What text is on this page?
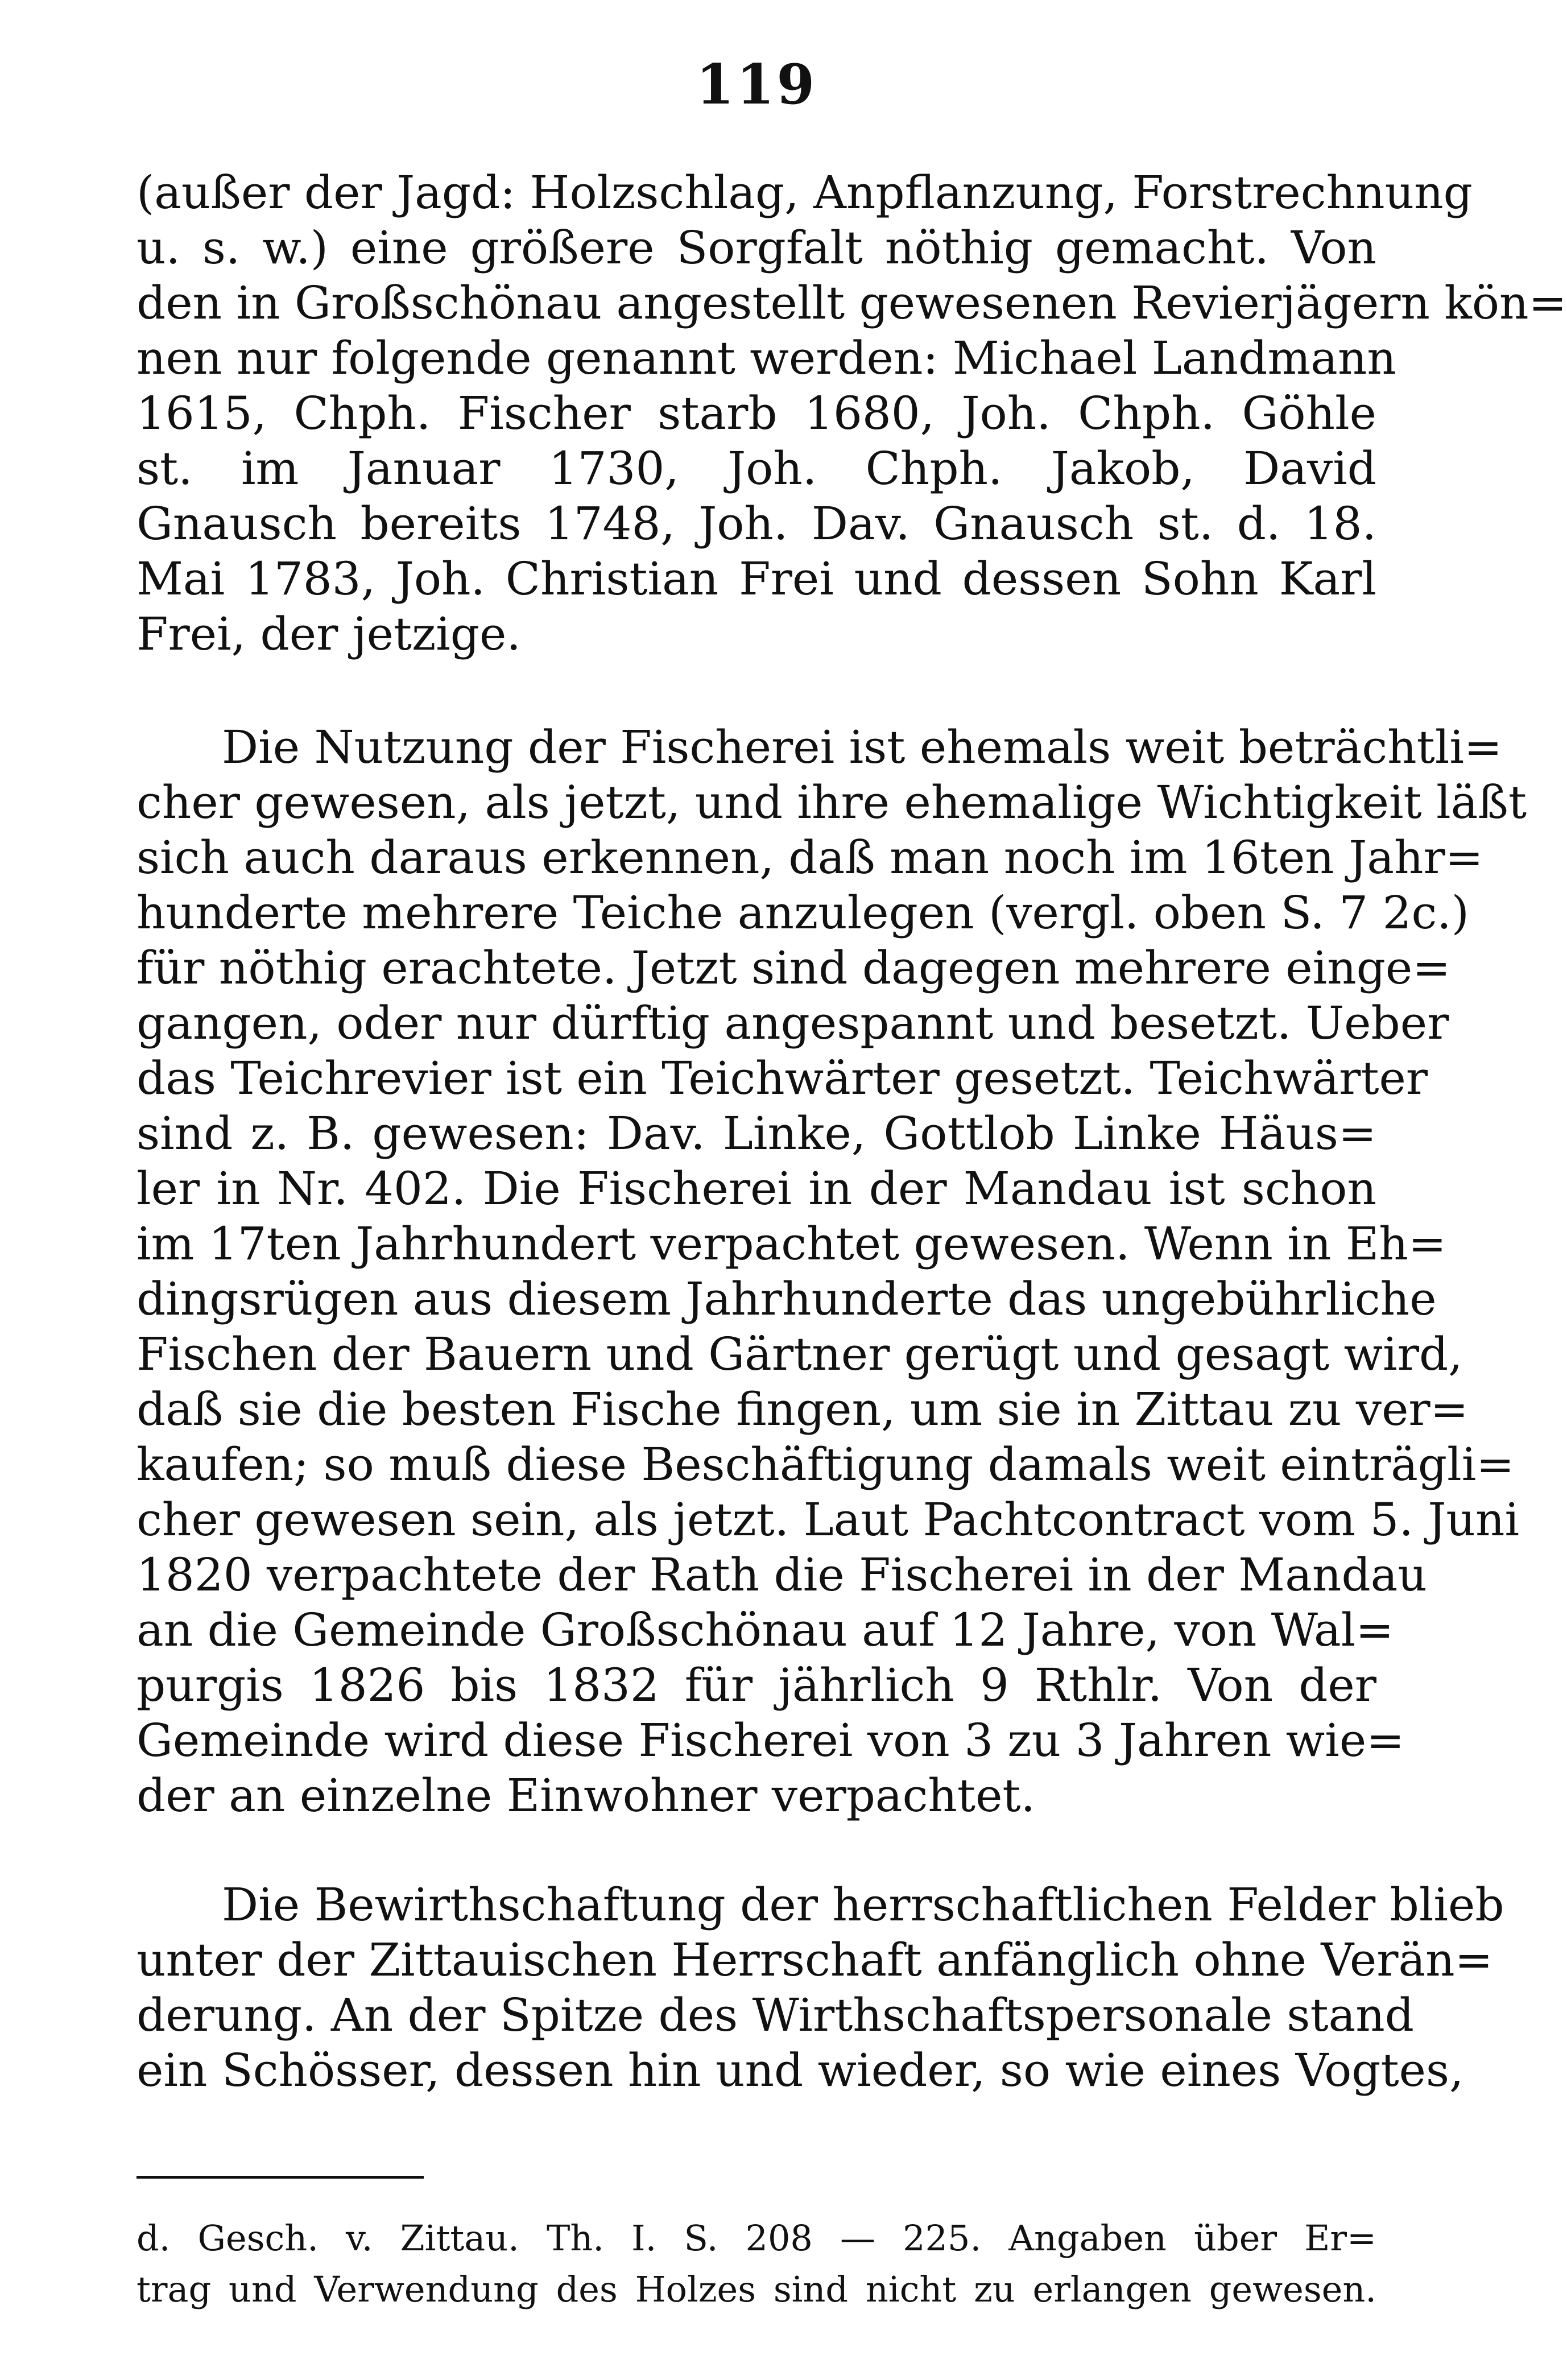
119
(außer der Jagd: Holzschlag, Anpflanzung, Forstrechnung
u. s. w.) eine größere Sorgfalt nöthig gemacht. Von
den in Großschönau angestellt gewesenen Revierjägern kön=
nen nur folgende genannt werden: Michael Landmann
1615, Chph. Fischer starb 1680, Joh. Chph. Göhle
st. im Januar 1730, Joh. Chph. Jakob, David
Gnausch bereits 1748, Joh. Dav. Gnausch st. d. 18.
Mai 1783, Joh. Christian Frei und dessen Sohn Karl
Frei, der jetzige.
Die Nutzung der Fischerei ist ehemals weit beträchtli=
cher gewesen, als jetzt, und ihre ehemalige Wichtigkeit läßt
sich auch daraus erkennen, daß man noch im 16ten Jahr=
hunderte mehrere Teiche anzulegen (vergl. oben S. 7 2c.)
für nöthig erachtete. Jetzt sind dagegen mehrere einge=
gangen, oder nur dürftig angespannt und besetzt. Ueber
das Teichrevier ist ein Teichwärter gesetzt. Teichwärter
sind z. B. gewesen: Dav. Linke, Gottlob Linke Häus=
ler in Nr. 402. Die Fischerei in der Mandau ist schon
im 17ten Jahrhundert verpachtet gewesen. Wenn in Eh=
dingsrügen aus diesem Jahrhunderte das ungebührliche
Fischen der Bauern und Gärtner gerügt und gesagt wird,
daß sie die besten Fische fingen, um sie in Zittau zu ver=
kaufen; so muß diese Beschäftigung damals weit einträgli=
cher gewesen sein, als jetzt. Laut Pachtcontract vom 5. Juni
1820 verpachtete der Rath die Fischerei in der Mandau
an die Gemeinde Großschönau auf 12 Jahre, von Wal=
purgis 1826 bis 1832 für jährlich 9 Rthlr. Von der
Gemeinde wird diese Fischerei von 3 zu 3 Jahren wie=
der an einzelne Einwohner verpachtet.
Die Bewirthschaftung der herrschaftlichen Felder blieb
unter der Zittauischen Herrschaft anfänglich ohne Verän=
derung. An der Spitze des Wirthschaftspersonale stand
ein Schösser, dessen hin und wieder, so wie eines Vogtes,
d. Gesch. v. Zittau. Th. I. S. 208 — 225. Angaben über Er=
trag und Verwendung des Holzes sind nicht zu erlangen gewesen.
